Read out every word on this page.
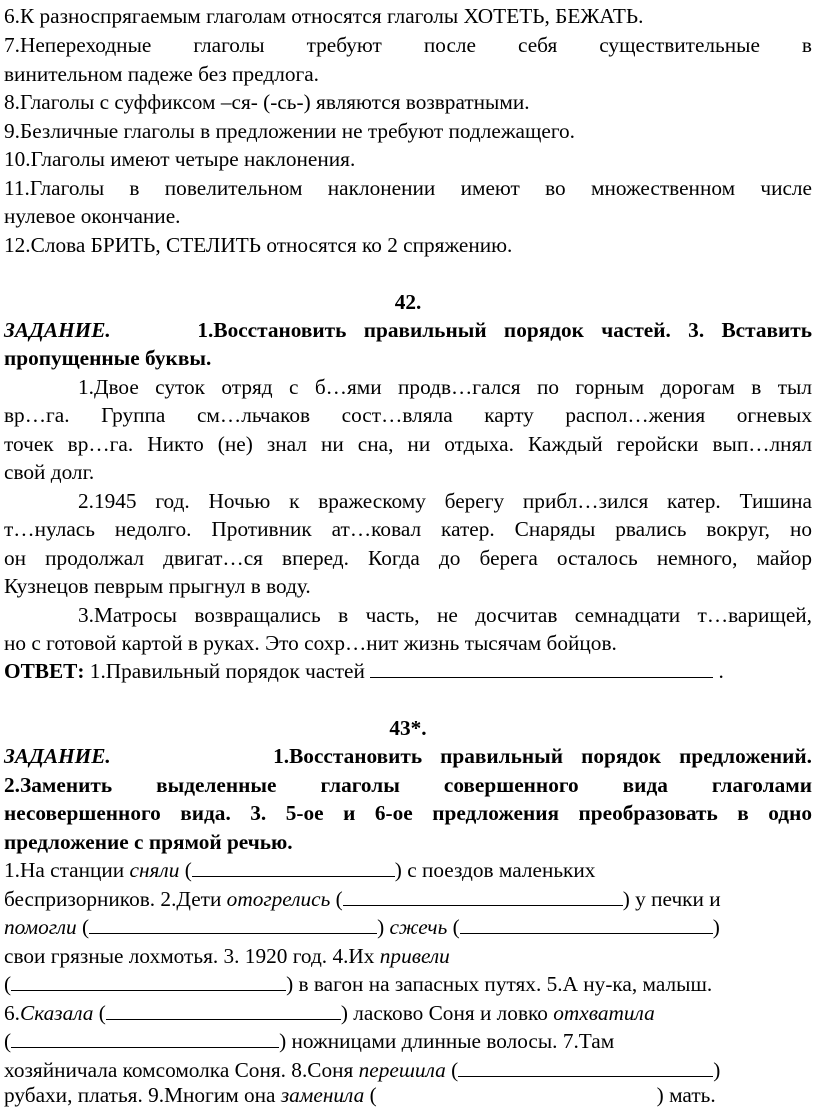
6.К разноспрягаемым глаголам относятся глаголы ХОТЕТЬ, БЕЖАТЬ.
7.Непереходные глаголы требуют после себя существительные в
винительном падеже без предлога.
8.Глаголы с суффиксом –ся- (-сь-) являются возвратными.
9.Безличные глаголы в предложении не требуют подлежащего.
10.Глаголы имеют четыре наклонения.
11.Глаголы в повелительном наклонении имеют во множественном числе
нулевое окончание.
12.Слова БРИТЬ, СТЕЛИТЬ относятся ко 2 спряжению.
42.
ЗАДАНИЕ.	1.Восстановить правильный порядок частей. 3. Вставить
пропущенные буквы.
1.Двое суток отряд с б…ями продв…гался по горным дорогам в тыл
вр…га. Группа см…льчаков сост…вляла карту распол…жения огневых
точек вр…га. Никто (не) знал ни сна, ни отдыха. Каждый геройски вып…лнял
свой долг.
2.1945 год. Ночью к вражескому берегу прибл…зился катер. Тишина
т…нулась недолго. Противник ат…ковал катер. Снаряды рвались вокруг, но
он продолжал двигат…ся вперед. Когда до берега осталось немного, майор
Кузнецов певрым прыгнул в воду.
3.Матросы возвращались в часть, не досчитав семнадцати т…варищей,
но с готовой картой в руках. Это сохр…нит жизнь тысячам бойцов.
ОТВЕТ: 1.Правильный порядок частей	.
43*.
ЗАДАНИЕ.	1.Восстановить правильный порядок предложений.
2.Заменить выделенные глаголы совершенного вида глаголами
несовершенного вида. 3. 5-ое и 6-ое предложения преобразовать в одно
предложение с прямой речью.
1.На станции сняли (	) с поездов маленьких
беспризорников. 2.Дети отогрелись (	) у печки и
помогли (	) сжечь (	)
свои грязные лохмотья. 3. 1920 год. 4.Их привели
(	) в вагон на запасных путях. 5.А ну-ка, малыш.
6.Сказала (	) ласково Соня и ловко отхватила
(	) ножницами длинные волосы. 7.Там
хозяйничала комсомолка Соня. 8.Соня перешила (	)
рубахи, платья. 9.Многим она заменила (	) мать.
